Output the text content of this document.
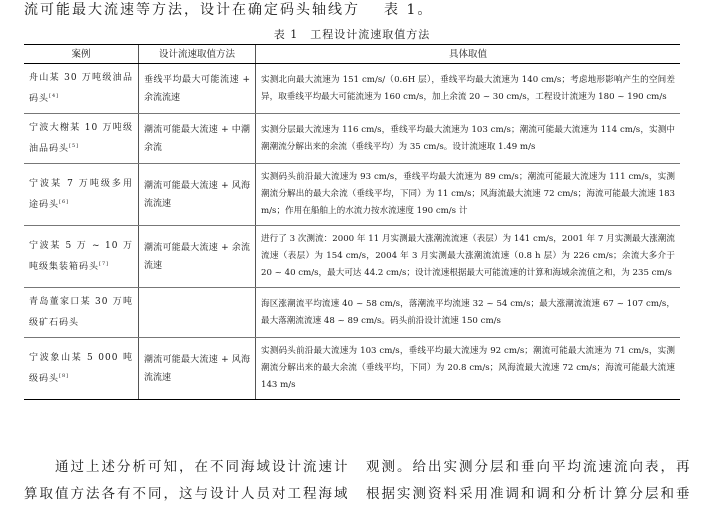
流可能最大流速等方法，设计在确定码头轴线方 表 1。
表 1　工程设计流速取值方法
案例	设计流速取值方法	具体取值
舟山某 30 万吨级油品码头[4]	垂线平均最大可能流速 + 余流流速	实测北向最大流速为 151 cm/s/（0.6H 层），垂线平均最大流速为 140 cm/s；考虑地形影响产生的空间差异，取垂线平均最大可能流速为 160 cm/s，加上余流 20 ~ 30 cm/s，工程设计流速为 180 ~ 190 cm/s
宁波大榭某 10 万吨级油品码头[5]	潮流可能最大流速 + 中潮余流	实测分层最大流速为 116 cm/s，垂线平均最大流速为 103 cm/s；潮流可能最大流速为 114 cm/s，实测中潮潮流分解出来的余流（垂线平均）为 35 cm/s。设计流速取 1.49 m/s
宁波某 7 万吨级多用途码头[6]	潮流可能最大流速 + 风海流流速	实测码头前沿最大流速为 93 cm/s，垂线平均最大流速为 89 cm/s；潮流可能最大流速为 111 cm/s，实测潮流分解出的最大余流（垂线平均，下同）为 11 cm/s；风海流最大流速 72 cm/s；海流可能最大流速 183 m/s；作用在船舶上的水流力按水流速度 190 cm/s 计
宁波某 5 万 ~ 10 万吨级集装箱码头[7]	潮流可能最大流速 + 余流流速	进行了 3 次测流：2000 年 11 月实测最大涨潮流流速（表层）为 141 cm/s，2001 年 7 月实测最大涨潮流流速（表层）为 154 cm/s，2004 年 3 月实测最大涨潮流流速（0.8 h 层）为 226 cm/s；余流大多介于 20 ~ 40 cm/s，最大可达 44.2 cm/s；设计流速根据最大可能流速的计算和海域余流值之和，为 235 cm/s
青岛董家口某 30 万吨级矿石码头		海区涨潮流平均流速 40 ~ 58 cm/s，落潮流平均流速 32 ~ 54 cm/s；最大涨潮流流速 67 ~ 107 cm/s，最大落潮流流速 48 ~ 89 cm/s。码头前沿设计流速 150 cm/s
宁波象山某 5 000 吨级码头[8]	潮流可能最大流速 + 风海流流速	实测码头前沿最大流速为 103 cm/s，垂线平均最大流速为 92 cm/s；潮流可能最大流速为 71 cm/s，实测潮流分解出来的最大余流（垂线平均，下同）为 20.8 cm/s；风海流最大流速 72 cm/s；海流可能最大流速 143 m/s

　　通过上述分析可知，在不同海域设计流速计

算取值方法各有不同，这与设计人员对工程海域

观测。给出实测分层和垂向平均流速流向表，再

根据实测资料采用准调和调和分析计算分层和垂
